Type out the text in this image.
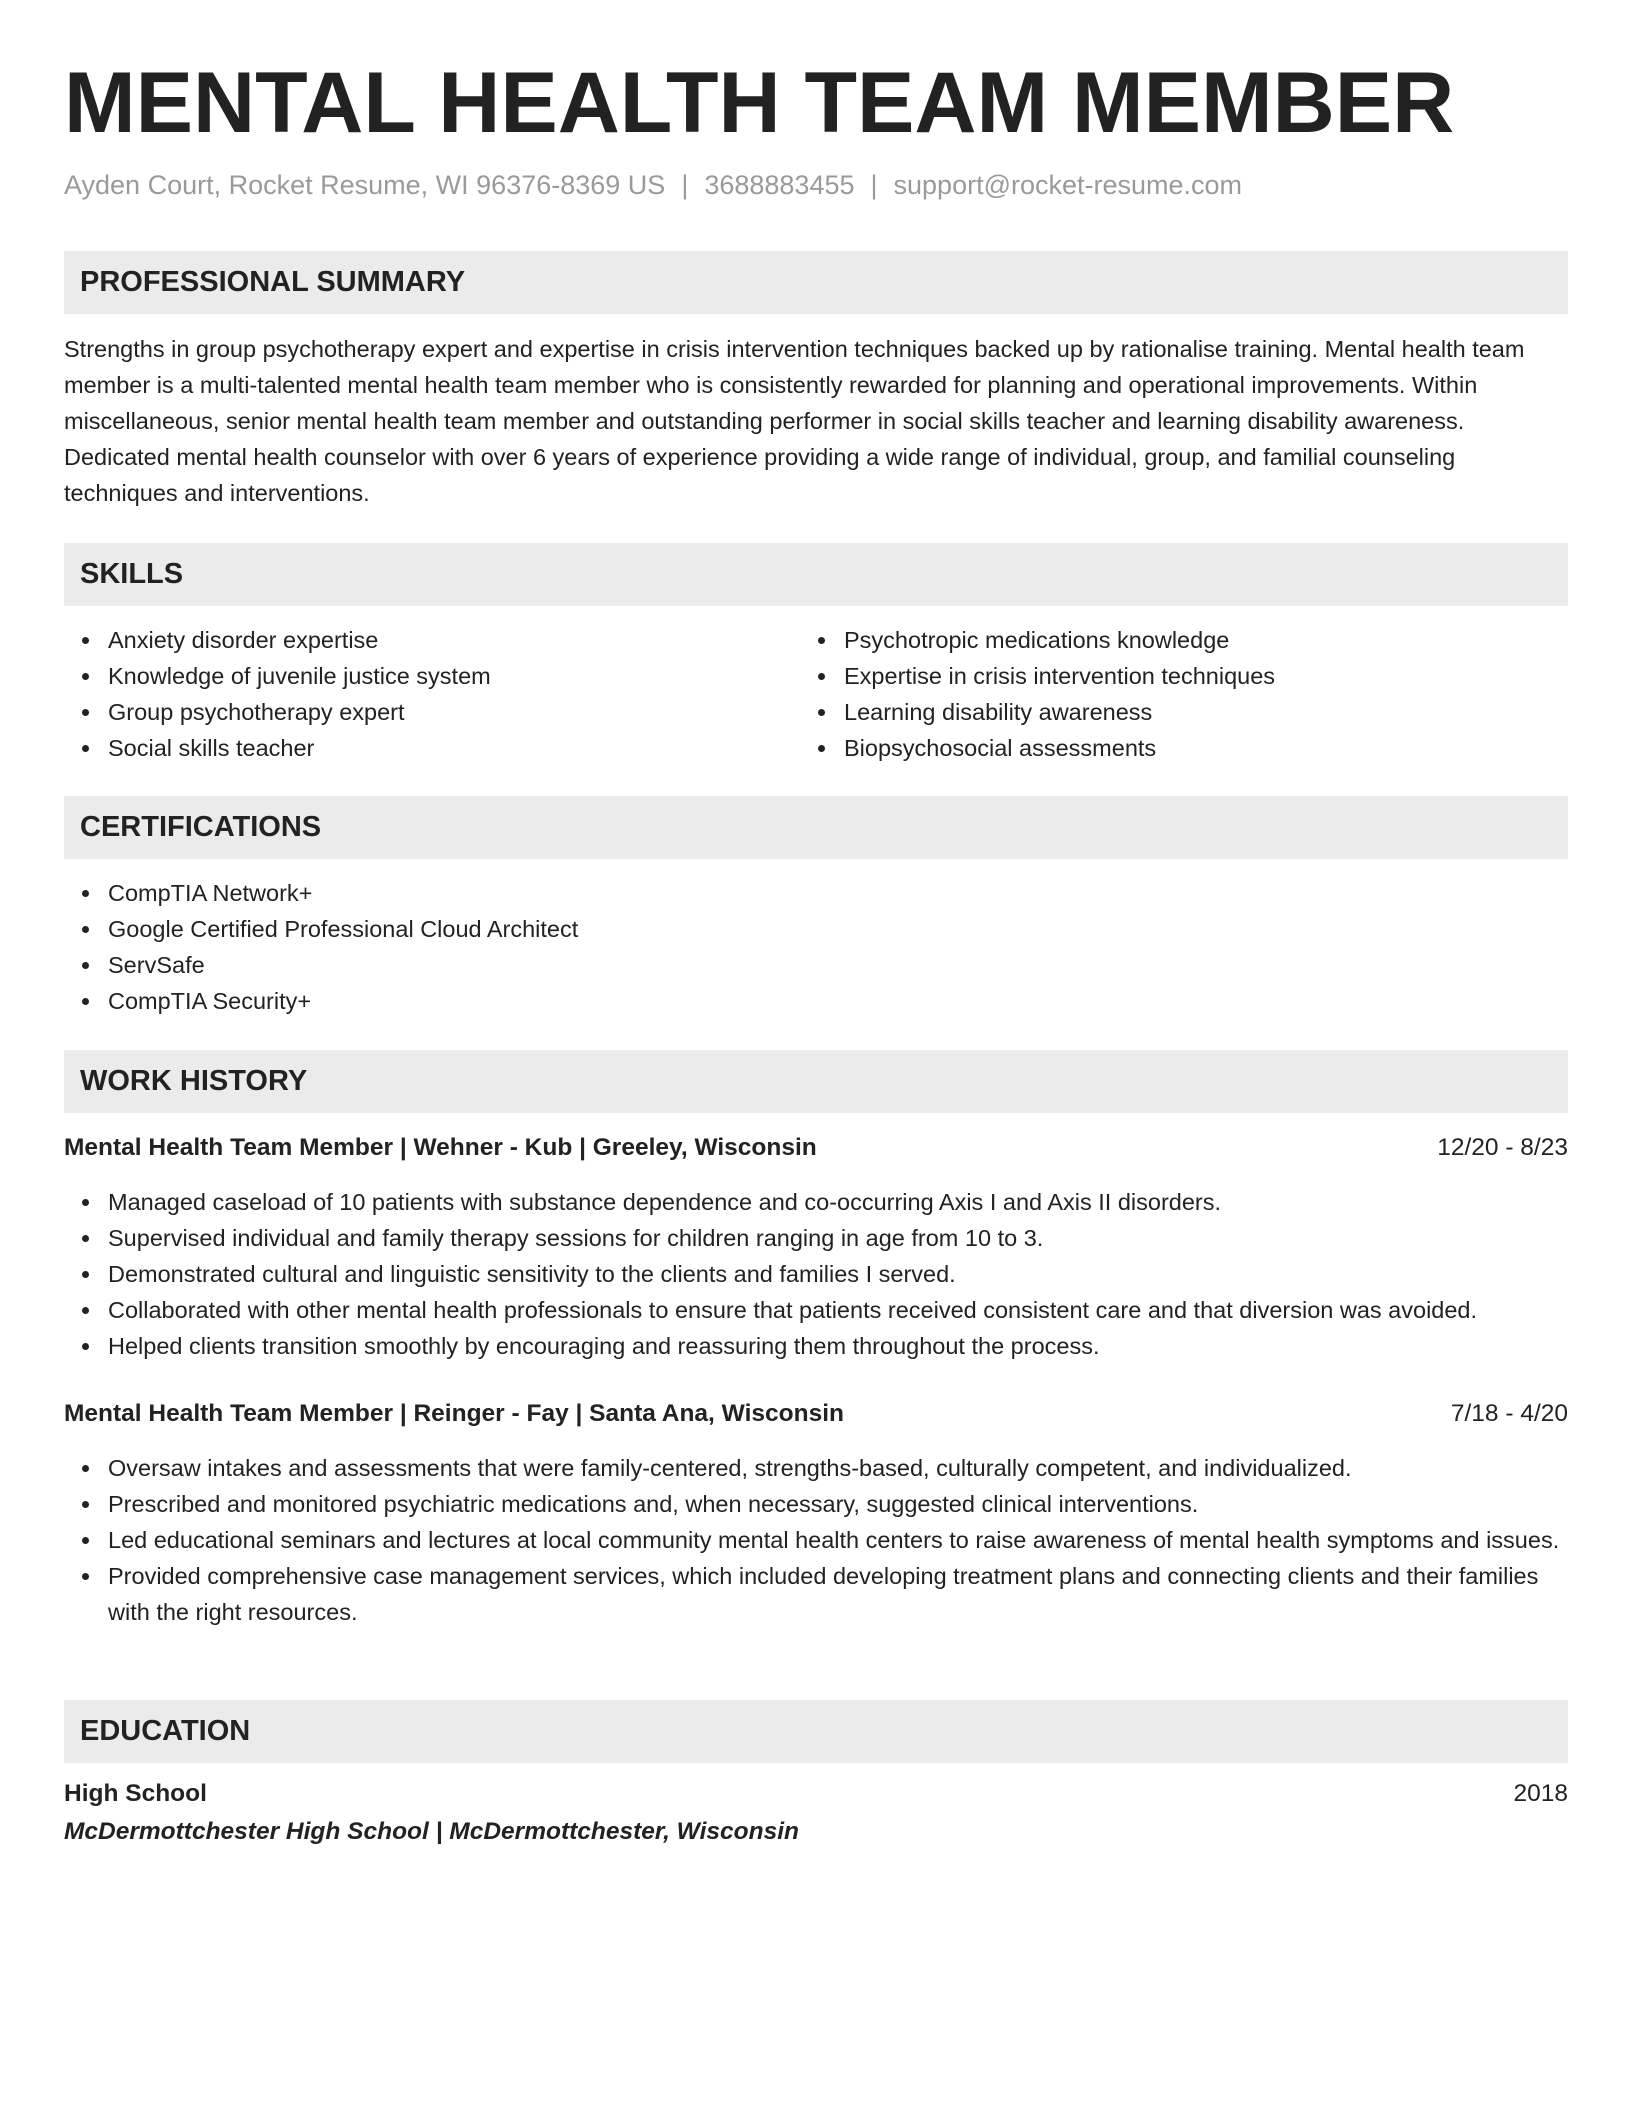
MENTAL HEALTH TEAM MEMBER
Ayden Court, Rocket Resume, WI 96376-8369 US | 3688883455 | support@rocket-resume.com
PROFESSIONAL SUMMARY
Strengths in group psychotherapy expert and expertise in crisis intervention techniques backed up by rationalise training. Mental health team member is a multi-talented mental health team member who is consistently rewarded for planning and operational improvements. Within miscellaneous, senior mental health team member and outstanding performer in social skills teacher and learning disability awareness. Dedicated mental health counselor with over 6 years of experience providing a wide range of individual, group, and familial counseling techniques and interventions.
SKILLS
Anxiety disorder expertise
Knowledge of juvenile justice system
Group psychotherapy expert
Social skills teacher
Psychotropic medications knowledge
Expertise in crisis intervention techniques
Learning disability awareness
Biopsychosocial assessments
CERTIFICATIONS
CompTIA Network+
Google Certified Professional Cloud Architect
ServSafe
CompTIA Security+
WORK HISTORY
Mental Health Team Member | Wehner - Kub | Greeley, Wisconsin	12/20 - 8/23
Managed caseload of 10 patients with substance dependence and co-occurring Axis I and Axis II disorders.
Supervised individual and family therapy sessions for children ranging in age from 10 to 3.
Demonstrated cultural and linguistic sensitivity to the clients and families I served.
Collaborated with other mental health professionals to ensure that patients received consistent care and that diversion was avoided.
Helped clients transition smoothly by encouraging and reassuring them throughout the process.
Mental Health Team Member | Reinger - Fay | Santa Ana, Wisconsin	7/18 - 4/20
Oversaw intakes and assessments that were family-centered, strengths-based, culturally competent, and individualized.
Prescribed and monitored psychiatric medications and, when necessary, suggested clinical interventions.
Led educational seminars and lectures at local community mental health centers to raise awareness of mental health symptoms and issues.
Provided comprehensive case management services, which included developing treatment plans and connecting clients and their families with the right resources.
EDUCATION
High School	2018
McDermottchester High School | McDermottchester, Wisconsin
